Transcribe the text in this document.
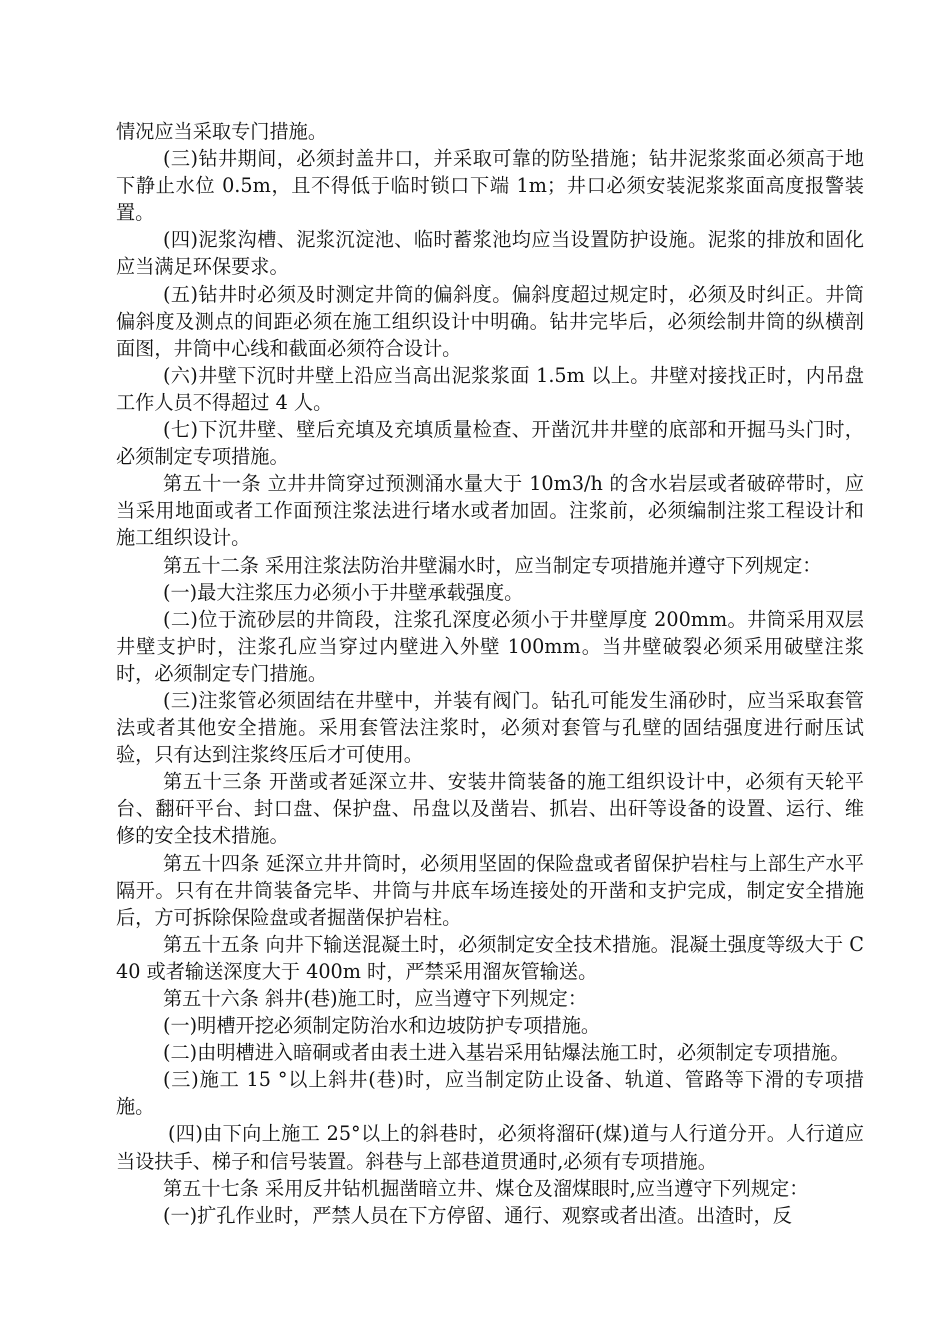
情况应当采取专门措施。

(三)钻井期间，必须封盖井口，并采取可靠的防坠措施；钻井泥浆浆面必须高于地下静止水位 0.5m，且不得低于临时锁口下端 1m；井口必须安装泥浆浆面高度报警装置。

(四)泥浆沟槽、泥浆沉淀池、临时蓄浆池均应当设置防护设施。泥浆的排放和固化应当满足环保要求。

(五)钻井时必须及时测定井筒的偏斜度。偏斜度超过规定时，必须及时纠正。井筒偏斜度及测点的间距必须在施工组织设计中明确。钻井完毕后，必须绘制井筒的纵横剖面图，井筒中心线和截面必须符合设计。

(六)井壁下沉时井壁上沿应当高出泥浆浆面 1.5m 以上。井壁对接找正时，内吊盘工作人员不得超过 4 人。

(七)下沉井壁、壁后充填及充填质量检查、开凿沉井井壁的底部和开掘马头门时，必须制定专项措施。

第五十一条 立井井筒穿过预测涌水量大于 10m3/h 的含水岩层或者破碎带时，应当采用地面或者工作面预注浆法进行堵水或者加固。注浆前，必须编制注浆工程设计和施工组织设计。

第五十二条 采用注浆法防治井壁漏水时，应当制定专项措施并遵守下列规定：

(一)最大注浆压力必须小于井壁承载强度。

(二)位于流砂层的井筒段，注浆孔深度必须小于井壁厚度 200mm。井筒采用双层井壁支护时，注浆孔应当穿过内壁进入外壁 100mm。当井壁破裂必须采用破壁注浆时，必须制定专门措施。

(三)注浆管必须固结在井壁中，并装有阀门。钻孔可能发生涌砂时，应当采取套管法或者其他安全措施。采用套管法注浆时，必须对套管与孔壁的固结强度进行耐压试验，只有达到注浆终压后才可使用。

第五十三条 开凿或者延深立井、安装井筒装备的施工组织设计中，必须有天轮平台、翻矸平台、封口盘、保护盘、吊盘以及凿岩、抓岩、出矸等设备的设置、运行、维修的安全技术措施。

第五十四条 延深立井井筒时，必须用坚固的保险盘或者留保护岩柱与上部生产水平隔开。只有在井筒装备完毕、井筒与井底车场连接处的开凿和支护完成，制定安全措施后，方可拆除保险盘或者掘凿保护岩柱。

第五十五条 向井下输送混凝土时，必须制定安全技术措施。混凝土强度等级大于 C40 或者输送深度大于 400m 时，严禁采用溜灰管输送。

第五十六条 斜井(巷)施工时，应当遵守下列规定：

(一)明槽开挖必须制定防治水和边坡防护专项措施。

(二)由明槽进入暗硐或者由表土进入基岩采用钻爆法施工时，必须制定专项措施。

(三)施工 15 °以上斜井(巷)时，应当制定防止设备、轨道、管路等下滑的专项措施。

(四)由下向上施工 25°以上的斜巷时，必须将溜矸(煤)道与人行道分开。人行道应当设扶手、梯子和信号装置。斜巷与上部巷道贯通时,必须有专项措施。

第五十七条 采用反井钻机掘凿暗立井、煤仓及溜煤眼时,应当遵守下列规定：

(一)扩孔作业时，严禁人员在下方停留、通行、观察或者出渣。出渣时，反
